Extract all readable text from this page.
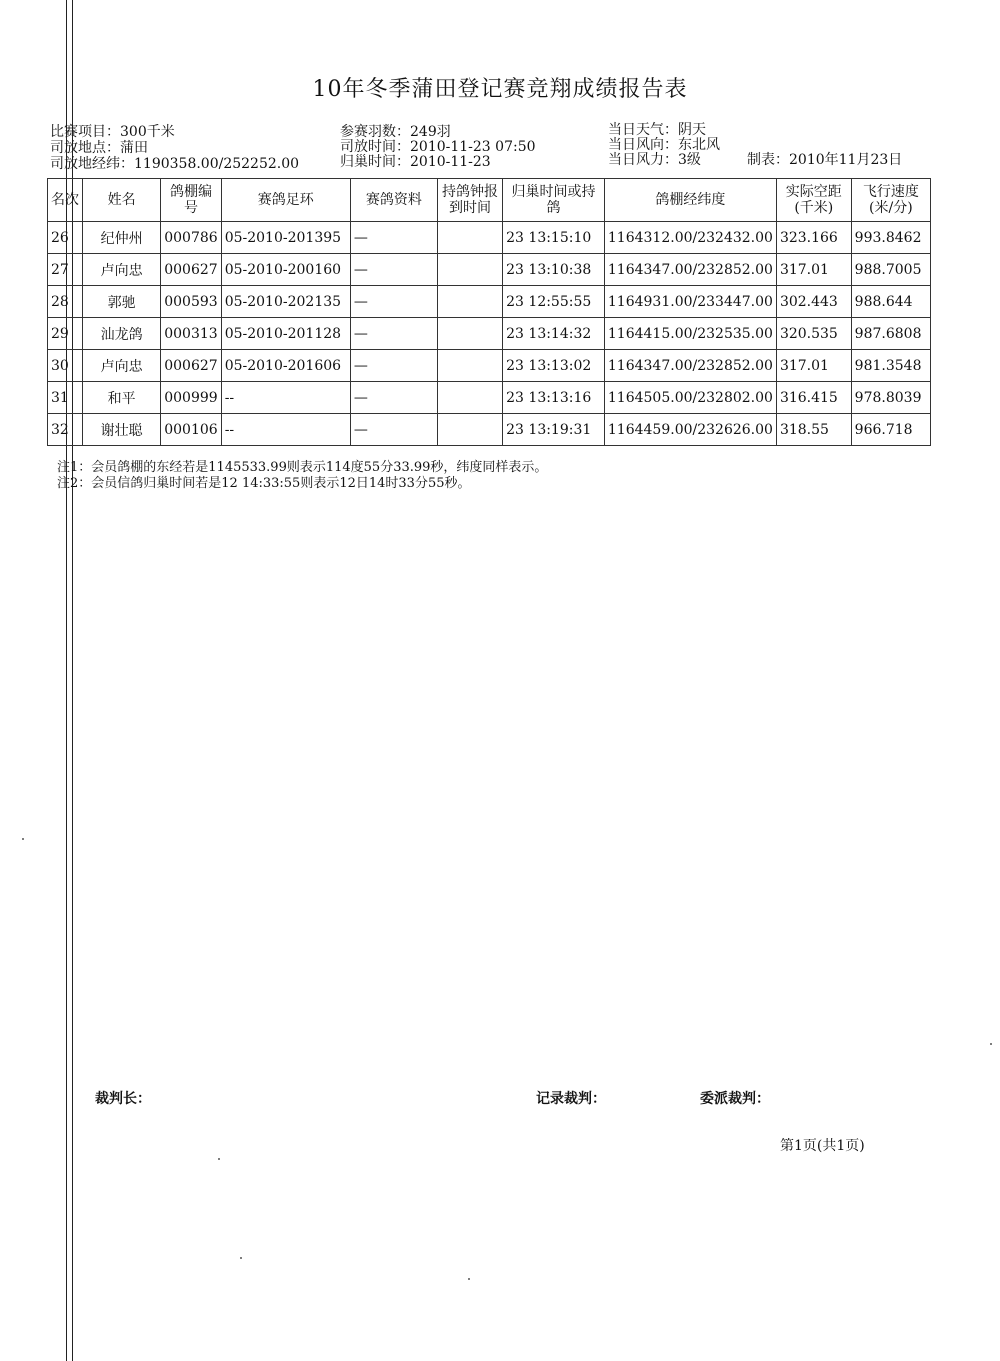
10年冬季蒲田登记赛竞翔成绩报告表
比赛项目：300千米
司放地点：蒲田
司放地经纬：1190358.00/252252.00
参赛羽数：249羽
司放时间：2010-11-23 07:50
归巢时间：2010-11-23
当日天气：阴天
当日风向：东北风
当日风力：3级	制表：2010年11月23日
名次	姓名	鸽棚编号	赛鸽足环	赛鸽资料	持鸽钟报到时间	归巢时间或持鸽	鸽棚经纬度	实际空距(千米)	飞行速度(米/分)
26	纪仲州	000786	05-2010-201395	—		23 13:15:10	1164312.00/232432.00	323.166	993.8462
27	卢向忠	000627	05-2010-200160	—		23 13:10:38	1164347.00/232852.00	317.01	988.7005
28	郭驰	000593	05-2010-202135	—		23 12:55:55	1164931.00/233447.00	302.443	988.644
29	汕龙鸽	000313	05-2010-201128	—		23 13:14:32	1164415.00/232535.00	320.535	987.6808
30	卢向忠	000627	05-2010-201606	—		23 13:13:02	1164347.00/232852.00	317.01	981.3548
31	和平	000999	--	—		23 13:13:16	1164505.00/232802.00	316.415	978.8039
32	谢壮聪	000106	--	—		23 13:19:31	1164459.00/232626.00	318.55	966.718
注1：会员鸽棚的东经若是1145533.99则表示114度55分33.99秒，纬度同样表示。
注2：会员信鸽归巢时间若是12 14:33:55则表示12日14时33分55秒。
裁判长：	记录裁判：	委派裁判：
第1页(共1页)
